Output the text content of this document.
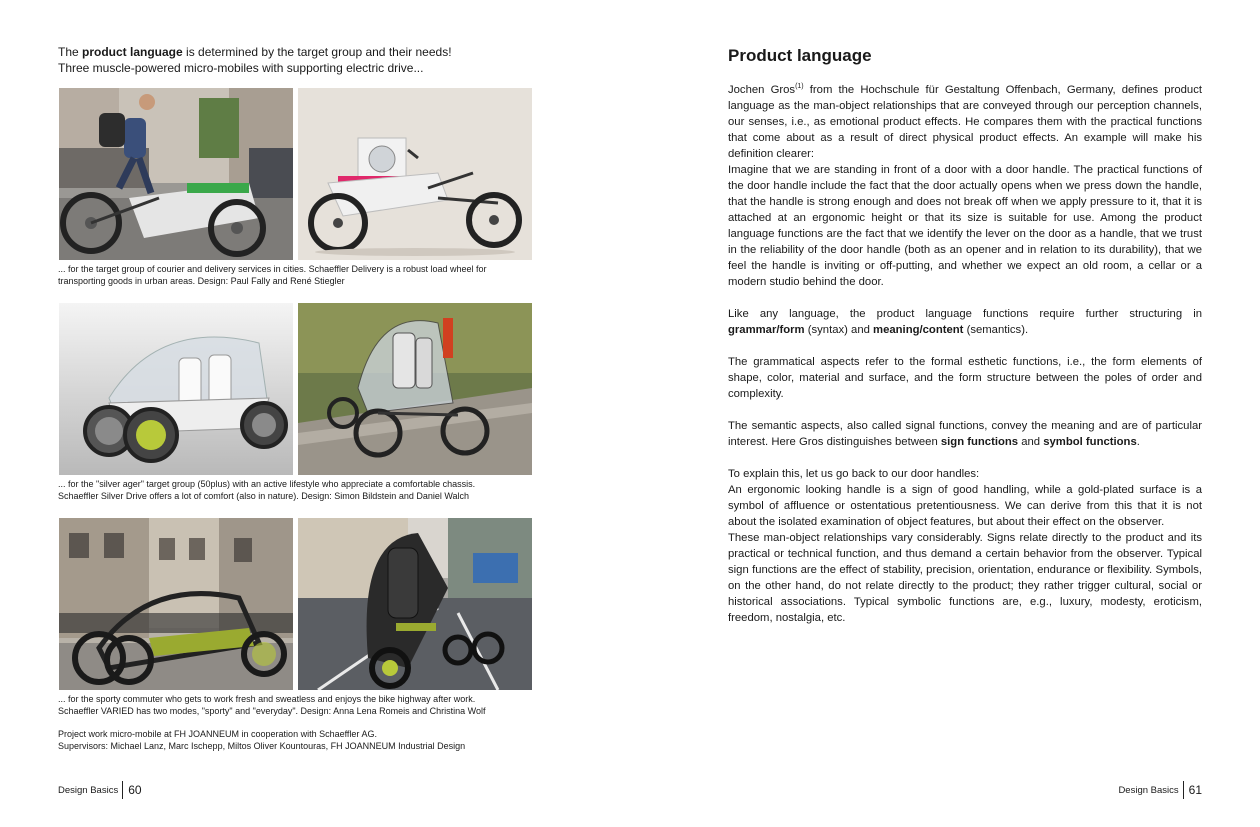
The product language is determined by the target group and their needs!

Three muscle-powered micro-mobiles with supporting electric drive...

... for the target group of courier and delivery services in cities. Schaeffler Delivery is a robust load wheel for

transporting goods in urban areas. Design: Paul Fally and René Stiegler

... for the "silver ager" target group (50plus) with an active lifestyle who appreciate a comfortable chassis.

Schaeffler Silver Drive offers a lot of comfort (also in nature). Design: Simon Bildstein and Daniel Walch

... for the sporty commuter who gets to work fresh and sweatless and enjoys the bike highway after work.

Schaeffler VARIED has two modes, "sporty" and "everyday". Design: Anna Lena Romeis and Christina Wolf

Project work micro-mobile at FH JOANNEUM in cooperation with Schaeffler AG.

Supervisors: Michael Lanz, Marc Ischepp, Miltos Oliver Kountouras, FH JOANNEUM Industrial Design

Design Basics 60
Product language

Jochen Gros$^{(1)}$ from the Hochschule für Gestaltung Offenbach, Germany, defines product language as the man-object relationships that are conveyed through our perception channels, our senses, i.e., as emotional product effects. He compares them with the practical functions that come about as a result of direct physical product effects. An example will make his definition clearer:

Imagine that we are standing in front of a door with a door handle. The practical functions of the door handle include the fact that the door actually opens when we press down the handle, that the handle is strong enough and does not break off when we apply pressure to it, that it is attached at an ergonomic height or that its size is suitable for use. Among the product language functions are the fact that we identify the lever on the door as a handle, that we trust in the reliability of the door handle (both as an opener and in relation to its durability), that we feel the handle is inviting or off-putting, and whether we expect an old room, a cellar or a modern studio behind the door.

Like any language, the product language functions require further structuring in grammar/form (syntax) and meaning/content (semantics).

The grammatical aspects refer to the formal esthetic functions, i.e., the form elements of shape, color, material and surface, and the form structure between the poles of order and complexity.

The semantic aspects, also called signal functions, convey the meaning and are of particular interest. Here Gros distinguishes between sign functions and symbol functions.

To explain this, let us go back to our door handles:

An ergonomic looking handle is a sign of good handling, while a gold-plated surface is a symbol of affluence or ostentatious pretentiousness. We can derive from this that it is not about the isolated examination of object features, but about their effect on the observer.

These man-object relationships vary considerably. Signs relate directly to the product and its practical or technical function, and thus demand a certain behavior from the observer. Typical sign functions are the effect of stability, precision, orientation, endurance or flexibility. Symbols, on the other hand, do not relate directly to the product; they rather trigger cultural, social or historical associations. Typical symbolic functions are, e.g., luxury, modesty, eroticism, freedom, nostalgia, etc.

Design Basics 61
